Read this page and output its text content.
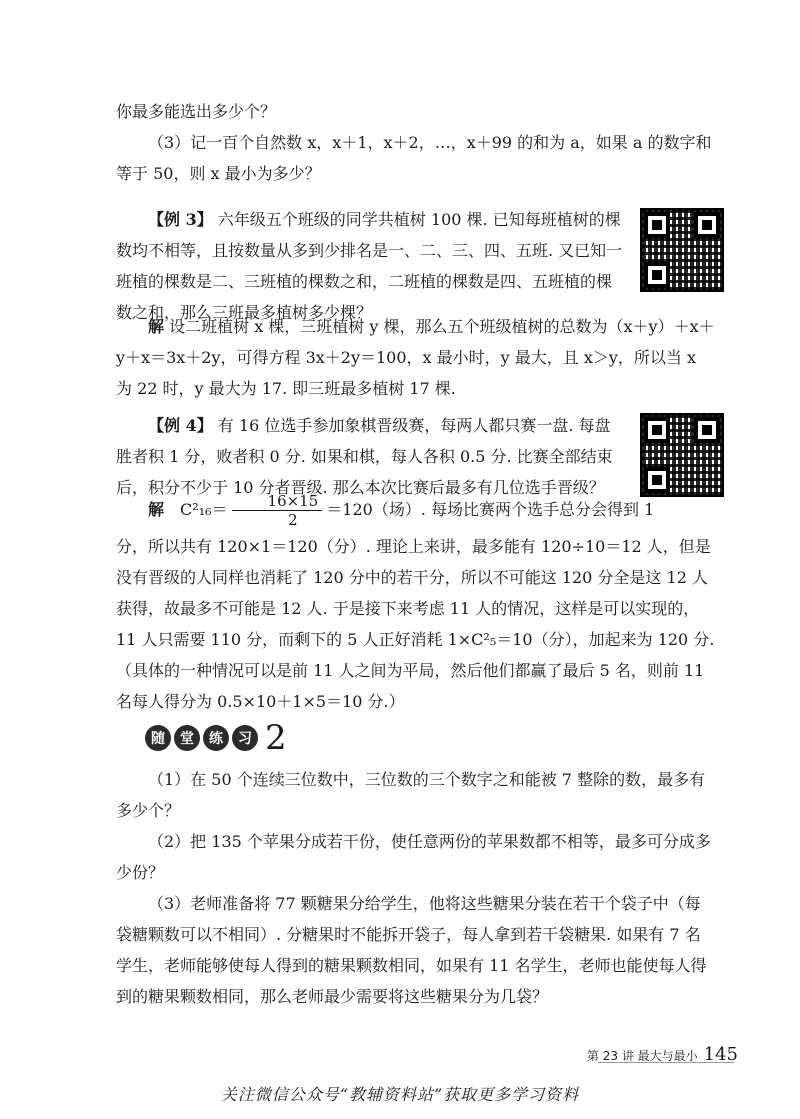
你最多能选出多少个？

（3）记一百个自然数 x，x＋1，x＋2，…，x＋99 的和为 a，如果 a 的数字和等于 50，则 x 最小为多少？

【例 3】 六年级五个班级的同学共植树 100 棵. 已知每班植树的棵数均不相等，且按数量从多到少排名是一、二、三、四、五班. 又已知一班植的棵数是二、三班植的棵数之和，二班植的棵数是四、五班植的棵数之和，那么三班最多植树多少棵？

解 设二班植树 x 棵，三班植树 y 棵，那么五个班级植树的总数为（x＋y）＋x＋y＋x＝3x＋2y，可得方程 3x＋2y＝100，x 最小时，y 最大，且 x＞y，所以当 x 为 22 时，y 最大为 17. 即三班最多植树 17 棵.

【例 4】 有 16 位选手参加象棋晋级赛，每两人都只赛一盘. 每盘胜者积 1 分，败者积 0 分. 如果和棋，每人各积 0.5 分. 比赛全部结束后，积分不少于 10 分者晋级. 那么本次比赛后最多有几位选手晋级？

解　 $C^2_{16}= \frac{16\times 15}{2} =120$（场）. 每场比赛两个选手总分会得到 1

分，所以共有 120×1＝120（分）. 理论上来讲，最多能有 120÷10＝12 人，但是没有晋级的人同样也消耗了 120 分中的若干分，所以不可能这 120 分全是这 12 人获得，故最多不可能是 12 人. 于是接下来考虑 11 人的情况，这样是可以实现的，11 人只需要 110 分，而剩下的 5 人正好消耗 1×C²₅＝10（分），加起来为 120 分.（具体的一种情况可以是前 11 人之间为平局，然后他们都赢了最后 5 名，则前 11 名每人得分为 0.5×10＋1×5＝10 分.）

随	堂	练	习 2

（1）在 50 个连续三位数中，三位数的三个数字之和能被 7 整除的数，最多有多少个？

（2）把 135 个苹果分成若干份，使任意两份的苹果数都不相等，最多可分成多少份？

（3）老师准备将 77 颗糖果分给学生，他将这些糖果分装在若干个袋子中（每袋糖颗数可以不相同）. 分糖果时不能拆开袋子，每人拿到若干袋糖果. 如果有 7 名学生，老师能够使每人得到的糖果颗数相同，如果有 11 名学生，老师也能使每人得到的糖果颗数相同，那么老师最少需要将这些糖果分为几袋？

第 23 讲 最大与最小 145
关注微信公众号“教辅资料站”获取更多学习资料
